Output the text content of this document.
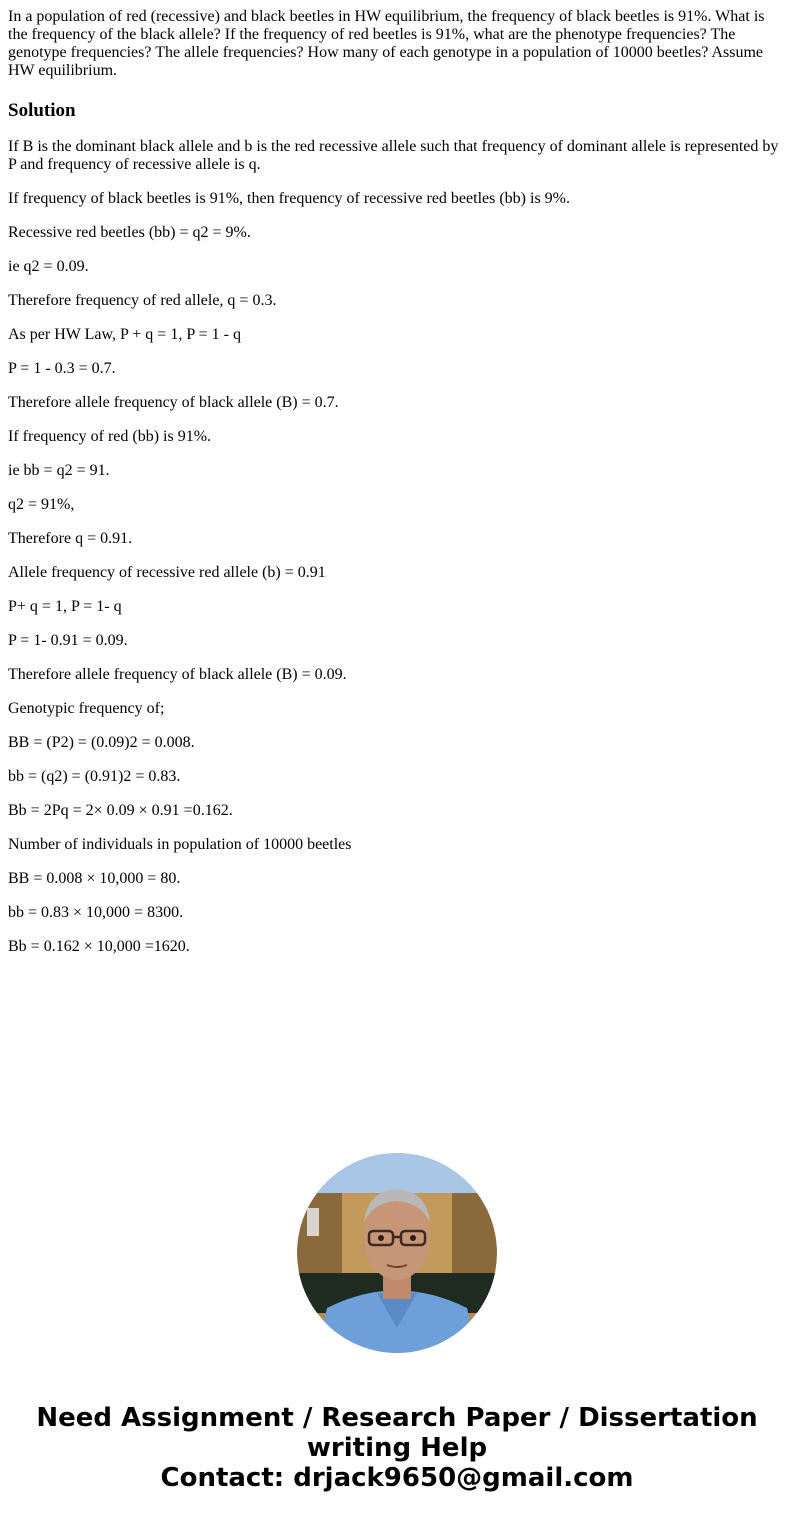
In a population of red (recessive) and black beetles in HW equilibrium, the frequency of black beetles is 91%. What is the frequency of the black allele? If the frequency of red beetles is 91%, what are the phenotype frequencies? The genotype frequencies? The allele frequencies? How many of each genotype in a population of 10000 beetles? Assume HW equilibrium.

Solution

If B is the dominant black allele and b is the red recessive allele such that frequency of dominant allele is represented by P and frequency of recessive allele is q.

If frequency of black beetles is 91%, then frequency of recessive red beetles (bb) is 9%.

Recessive red beetles (bb) = q2 = 9%.

ie q2 = 0.09.

Therefore frequency of red allele, q = 0.3.

As per HW Law, P + q = 1, P = 1 - q

P = 1 - 0.3 = 0.7.

Therefore allele frequency of black allele (B) = 0.7.

If frequency of red (bb) is 91%.

ie bb = q2 = 91.

q2 = 91%,

Therefore q = 0.91.

Allele frequency of recessive red allele (b) = 0.91

P+ q = 1, P = 1- q

P = 1- 0.91 = 0.09.

Therefore allele frequency of black allele (B) = 0.09.

Genotypic frequency of;

BB = (P2) = (0.09)2 = 0.008.

bb = (q2) = (0.91)2 = 0.83.

Bb = 2Pq = 2× 0.09 × 0.91 =0.162.

Number of individuals in population of 10000 beetles

BB = 0.008 × 10,000 = 80.

bb = 0.83 × 10,000 = 8300.

Bb = 0.162 × 10,000 =1620.

Need Assignment / Research Paper / Dissertation
writing Help
Contact: drjack9650@gmail.com
